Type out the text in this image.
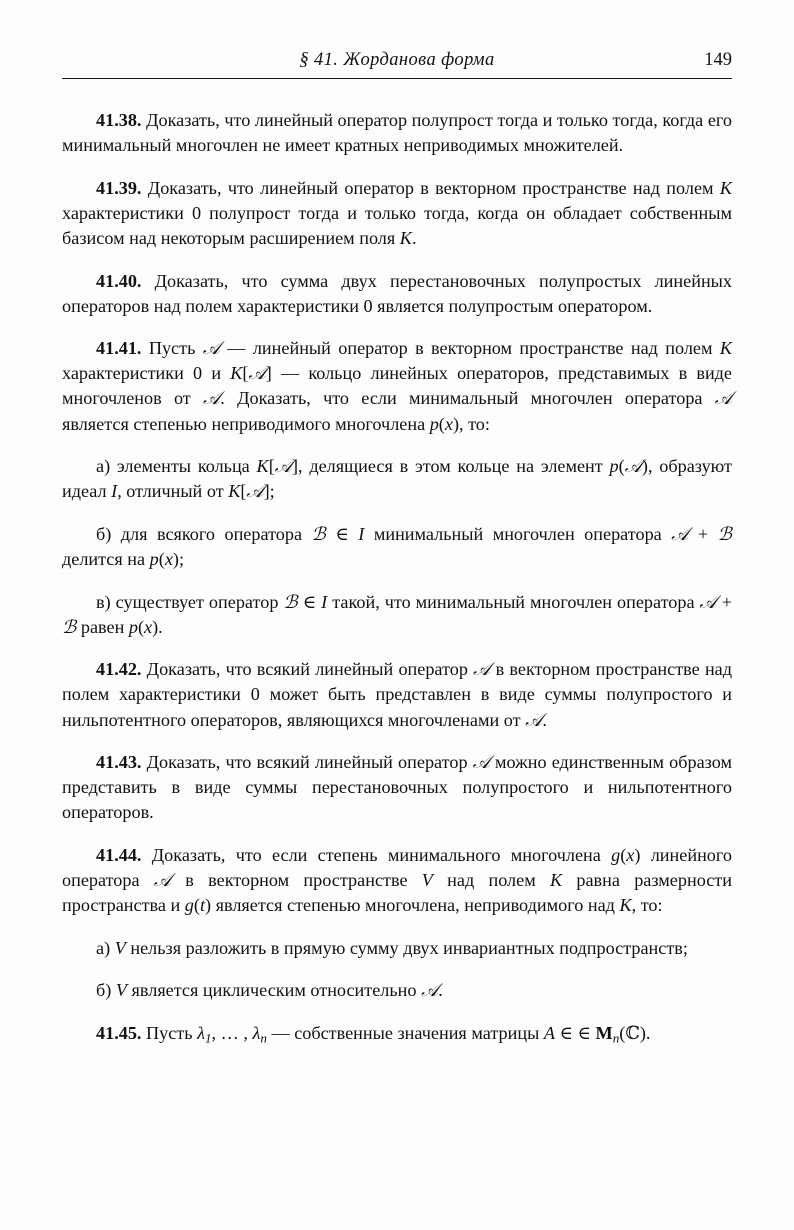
§ 41. Жорданова форма	149

41.38. Доказать, что линейный оператор полупрост тогда и только тогда, когда его минимальный многочлен не имеет кратных неприводимых множителей.

41.39. Доказать, что линейный оператор в векторном пространстве над полем K характеристики 0 полупрост тогда и только тогда, когда он обладает собственным базисом над некоторым расширением поля K.

41.40. Доказать, что сумма двух перестановочных полупростых линейных операторов над полем характеристики 0 является полупростым оператором.

41.41. Пусть 𝒜 — линейный оператор в векторном пространстве над полем K характеристики 0 и K[𝒜] — кольцо линейных операторов, представимых в виде многочленов от 𝒜. Доказать, что если минимальный многочлен оператора 𝒜 является степенью неприводимого многочлена p(x), то:

а) элементы кольца K[𝒜], делящиеся в этом кольце на элемент p(𝒜), образуют идеал I, отличный от K[𝒜];

б) для всякого оператора ℬ ∈ I минимальный многочлен оператора 𝒜 + ℬ делится на p(x);

в) существует оператор ℬ ∈ I такой, что минимальный многочлен оператора 𝒜 + ℬ равен p(x).

41.42. Доказать, что всякий линейный оператор 𝒜 в векторном пространстве над полем характеристики 0 может быть представлен в виде суммы полупростого и нильпотентного операторов, являющихся многочленами от 𝒜.

41.43. Доказать, что всякий линейный оператор 𝒜 можно единственным образом представить в виде суммы перестановочных полупростого и нильпотентного операторов.

41.44. Доказать, что если степень минимального многочлена g(x) линейного оператора 𝒜 в векторном пространстве V над полем K равна размерности пространства и g(t) является степенью многочлена, неприводимого над K, то:

а) V нельзя разложить в прямую сумму двух инвариантных подпространств;

б) V является циклическим относительно 𝒜.

41.45. Пусть $\lambda_1$, … , $\lambda_n$ — собственные значения матрицы A ∈ ∈ $M_n(ℂ)$.
